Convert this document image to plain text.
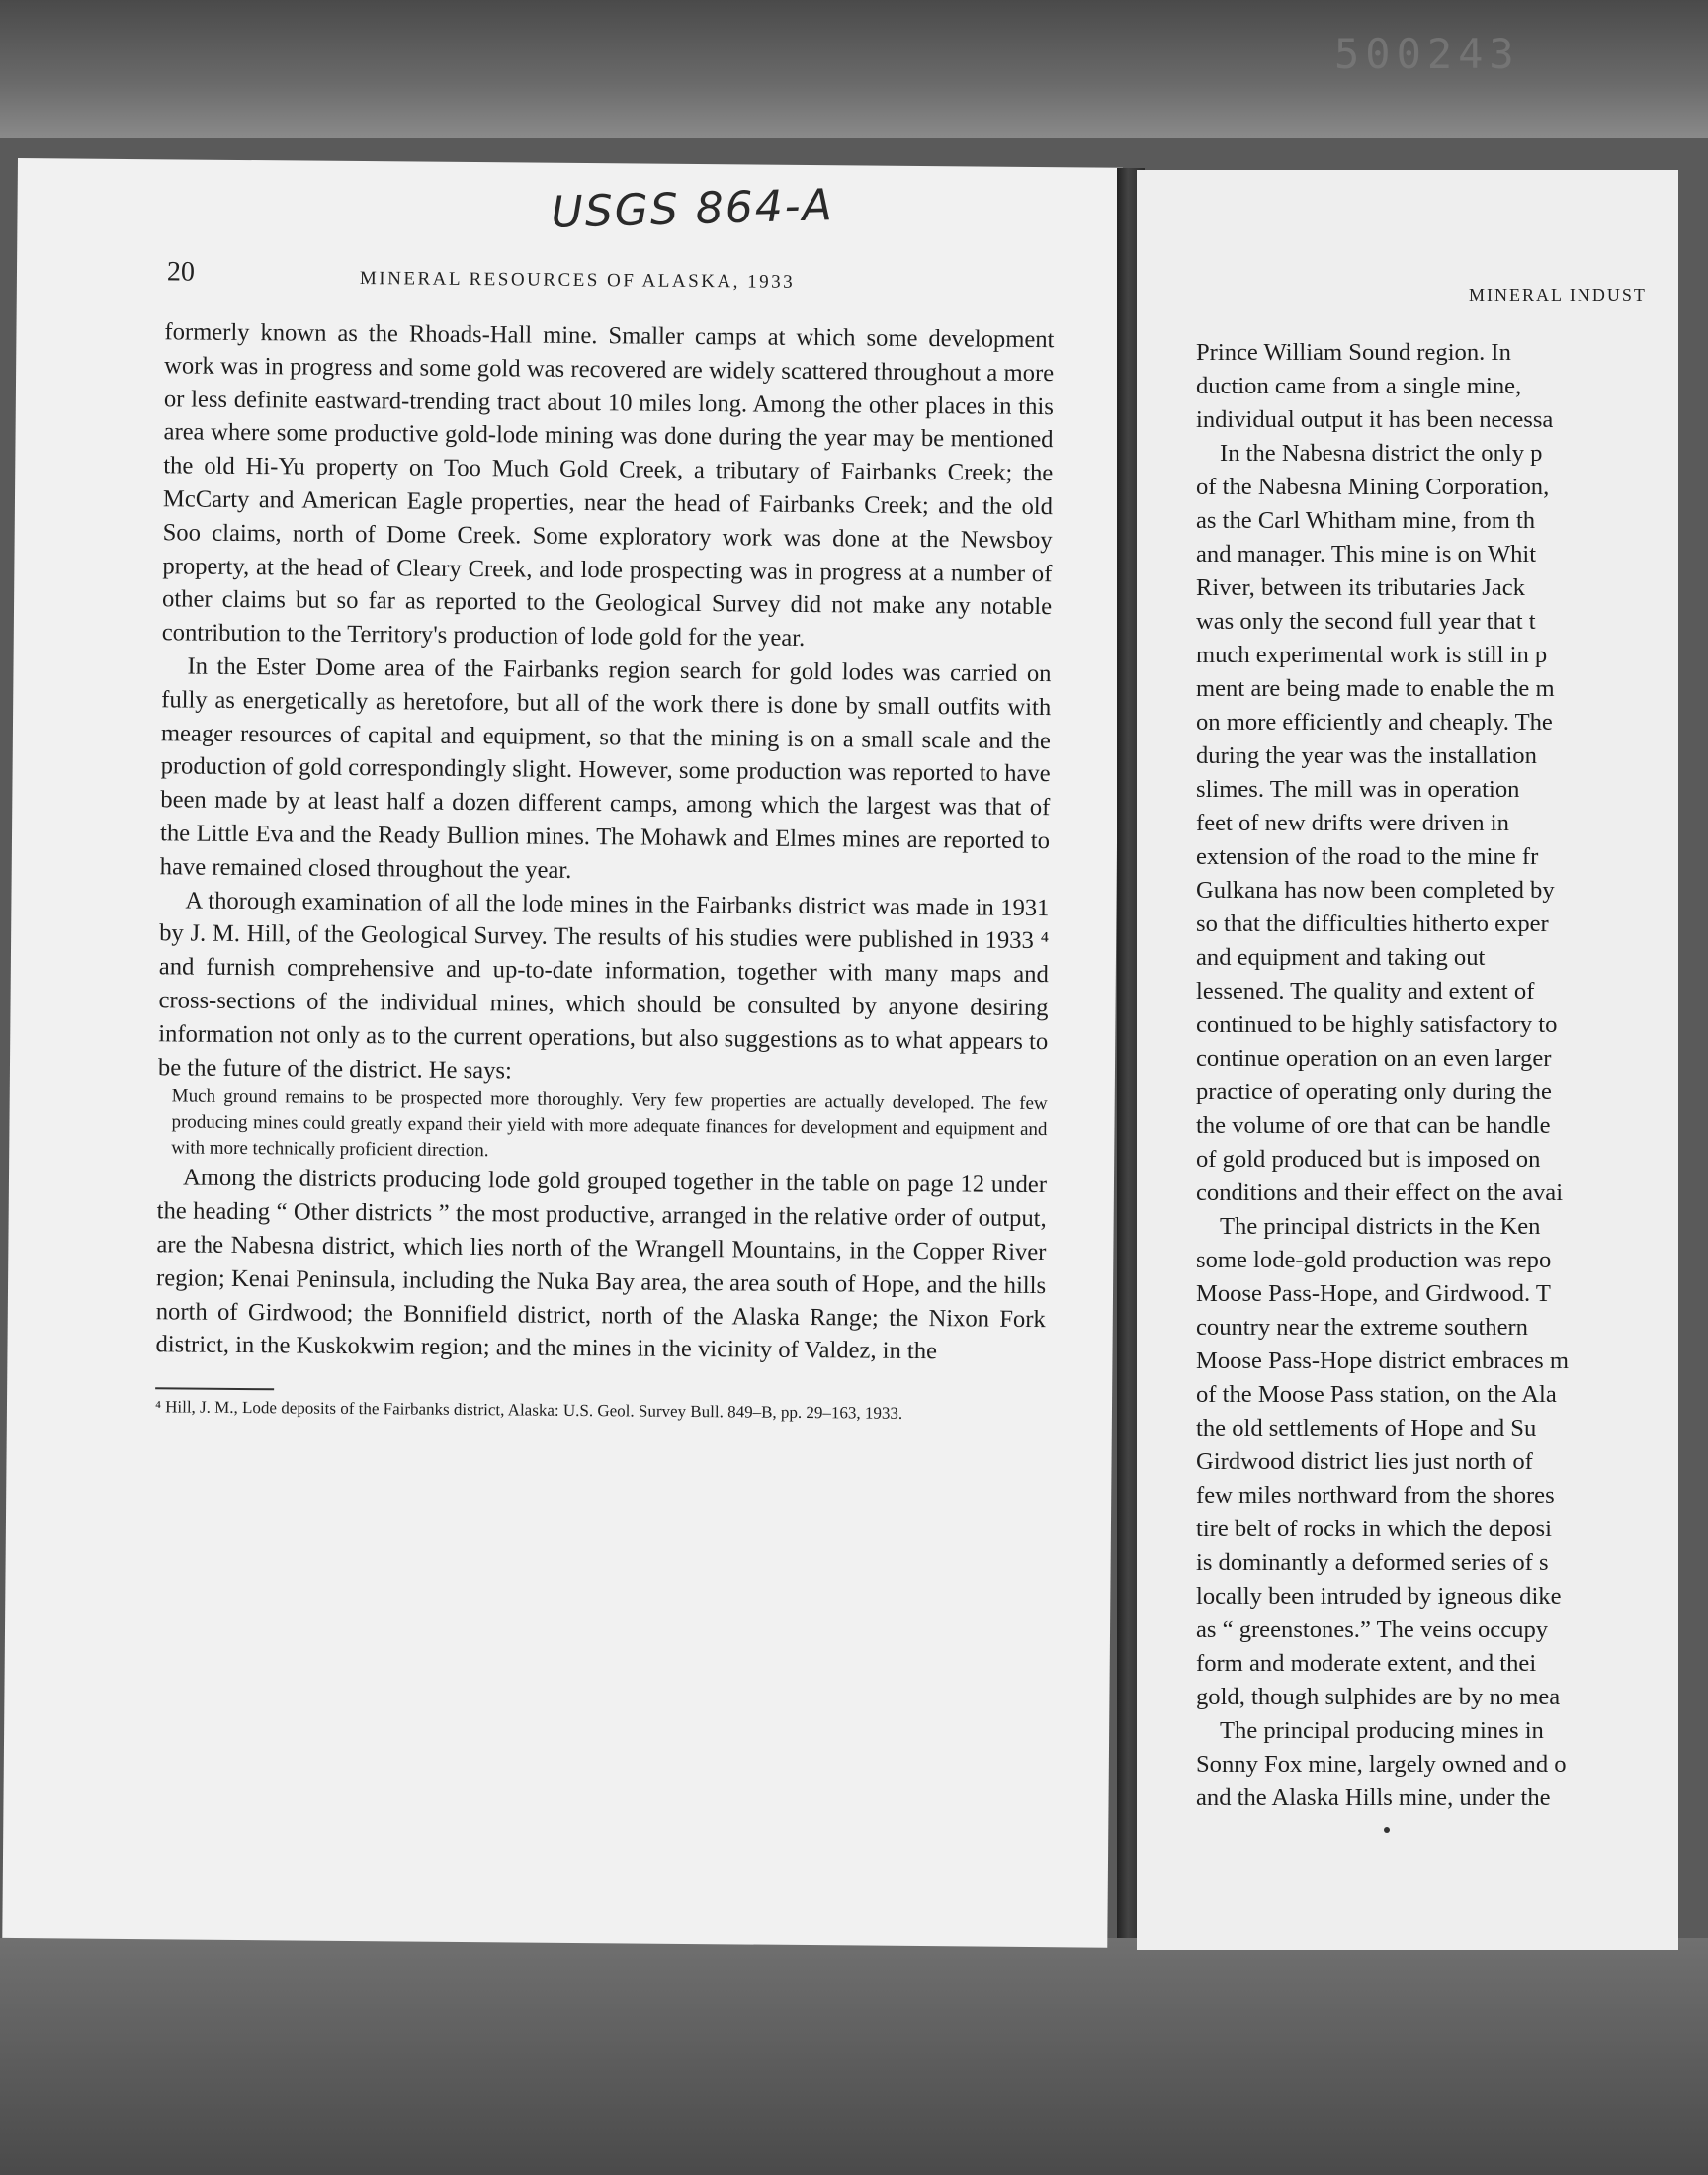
500243
USGS 864-A
20	MINERAL RESOURCES OF ALASKA, 1933

formerly known as the Rhoads-Hall mine. Smaller camps at which some development work was in progress and some gold was recovered are widely scattered throughout a more or less definite eastward-trending tract about 10 miles long. Among the other places in this area where some productive gold-lode mining was done during the year may be mentioned the old Hi-Yu property on Too Much Gold Creek, a tributary of Fairbanks Creek; the McCarty and American Eagle properties, near the head of Fairbanks Creek; and the old Soo claims, north of Dome Creek. Some exploratory work was done at the Newsboy property, at the head of Cleary Creek, and lode prospecting was in progress at a number of other claims but so far as reported to the Geological Survey did not make any notable contribution to the Territory's production of lode gold for the year.

In the Ester Dome area of the Fairbanks region search for gold lodes was carried on fully as energetically as heretofore, but all of the work there is done by small outfits with meager resources of capital and equipment, so that the mining is on a small scale and the production of gold correspondingly slight. However, some production was reported to have been made by at least half a dozen different camps, among which the largest was that of the Little Eva and the Ready Bullion mines. The Mohawk and Elmes mines are reported to have remained closed throughout the year.

A thorough examination of all the lode mines in the Fairbanks district was made in 1931 by J. M. Hill, of the Geological Survey. The results of his studies were published in 1933 ⁴ and furnish comprehensive and up-to-date information, together with many maps and cross-sections of the individual mines, which should be consulted by anyone desiring information not only as to the current operations, but also suggestions as to what appears to be the future of the district. He says:

Much ground remains to be prospected more thoroughly. Very few properties are actually developed. The few producing mines could greatly expand their yield with more adequate finances for development and equipment and with more technically proficient direction.

Among the districts producing lode gold grouped together in the table on page 12 under the heading “ Other districts ” the most productive, arranged in the relative order of output, are the Nabesna district, which lies north of the Wrangell Mountains, in the Copper River region; Kenai Peninsula, including the Nuka Bay area, the area south of Hope, and the hills north of Girdwood; the Bonnifield district, north of the Alaska Range; the Nixon Fork district, in the Kuskokwim region; and the mines in the vicinity of Valdez, in the

⁴ Hill, J. M., Lode deposits of the Fairbanks district, Alaska: U.S. Geol. Survey Bull. 849–B, pp. 29–163, 1933.

MINERAL INDUST
Prince William Sound region. In
duction came from a single mine,
individual output it has been necessa
In the Nabesna district the only p
of the Nabesna Mining Corporation,
as the Carl Whitham mine, from th
and manager. This mine is on Whit
River, between its tributaries Jack
was only the second full year that t
much experimental work is still in p
ment are being made to enable the m
on more efficiently and cheaply. The
during the year was the installation
slimes. The mill was in operation
feet of new drifts were driven in
extension of the road to the mine fr
Gulkana has now been completed by
so that the difficulties hitherto exper
and equipment and taking out
lessened. The quality and extent of
continued to be highly satisfactory to
continue operation on an even larger
practice of operating only during the
the volume of ore that can be handle
of gold produced but is imposed on
conditions and their effect on the avai
The principal districts in the Ken
some lode-gold production was repo
Moose Pass-Hope, and Girdwood. T
country near the extreme southern
Moose Pass-Hope district embraces m
of the Moose Pass station, on the Ala
the old settlements of Hope and Su
Girdwood district lies just north of
few miles northward from the shores
tire belt of rocks in which the deposi
is dominantly a deformed series of s
locally been intruded by igneous dike
as “ greenstones.” The veins occupy
form and moderate extent, and thei
gold, though sulphides are by no mea
The principal producing mines in
Sonny Fox mine, largely owned and o
and the Alaska Hills mine, under the
